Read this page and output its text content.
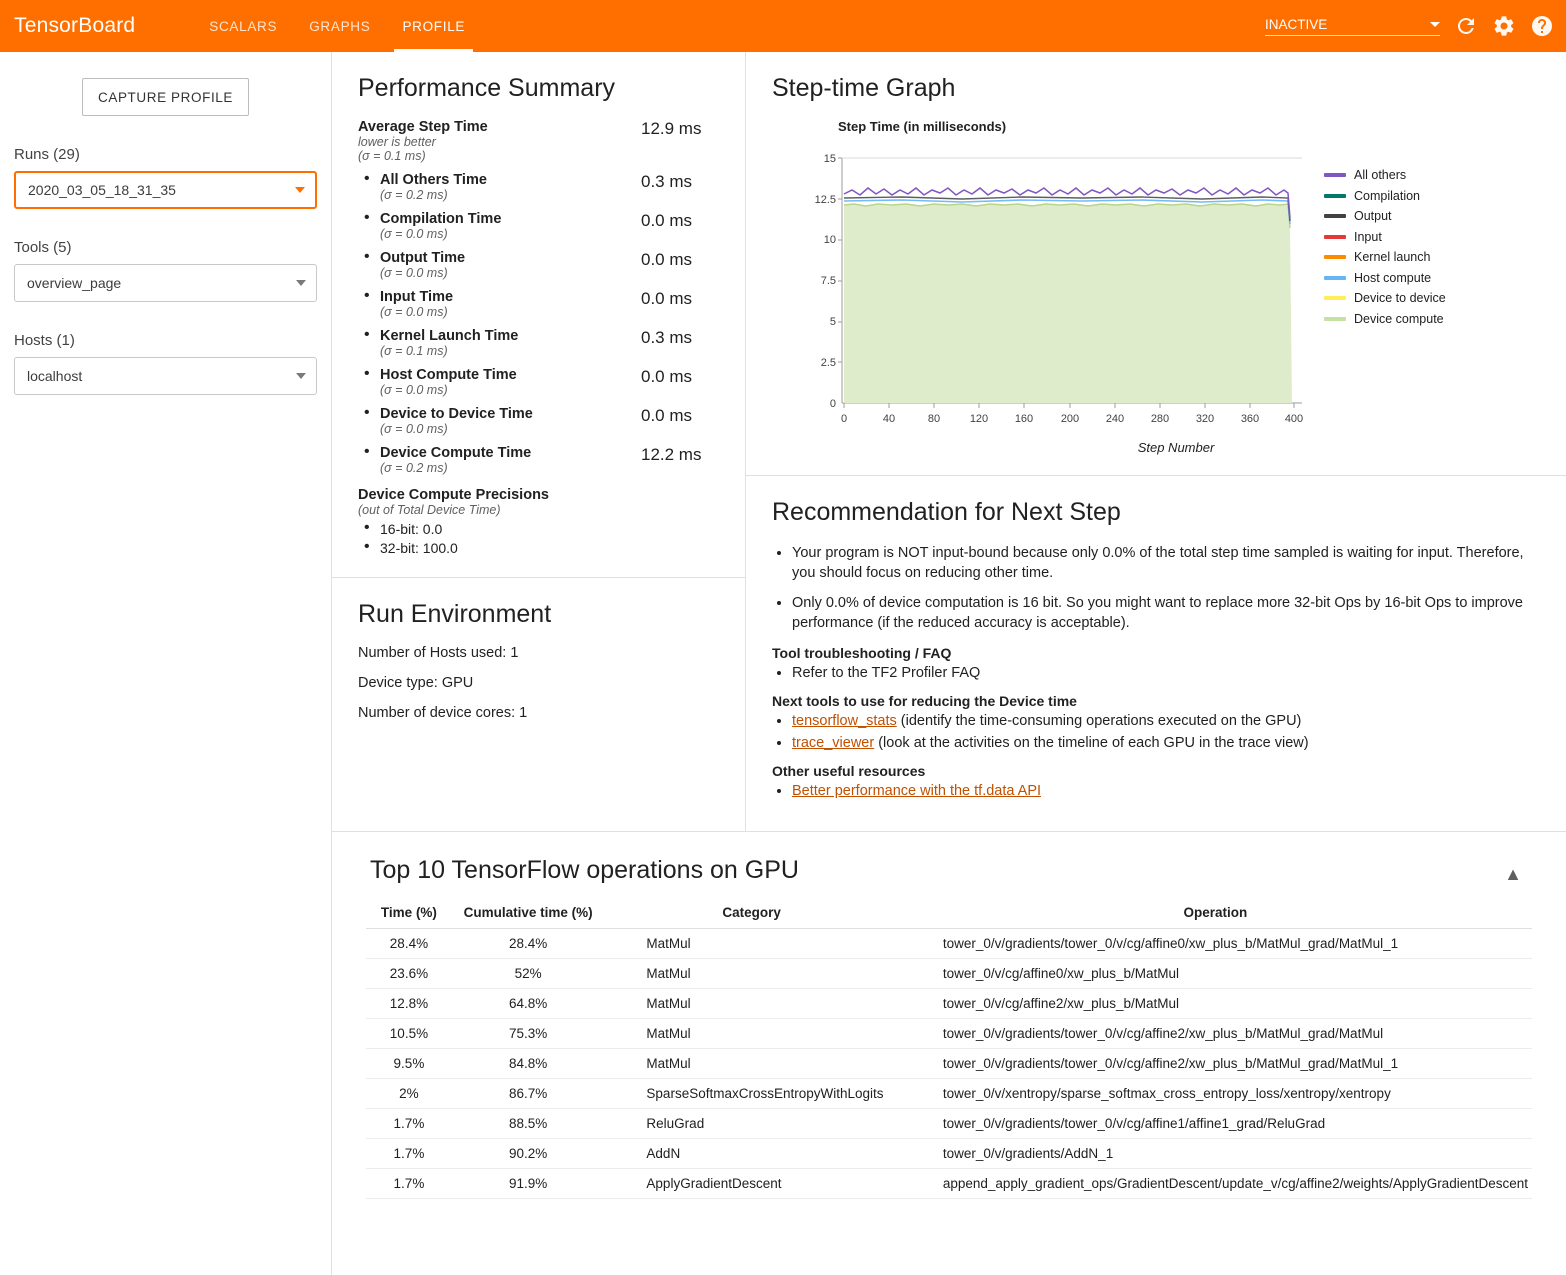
TensorBoard	SCALARS	GRAPHS	PROFILE	INACTIVE
CAPTURE PROFILE
Runs (29)
2020_03_05_18_31_35
Tools (5)
overview_page
Hosts (1)
localhost
Performance Summary
Average Step Time
lower is better
(σ = 0.1 ms)
12.9 ms
• All Others Time
(σ = 0.2 ms)
0.3 ms
• Compilation Time
(σ = 0.0 ms)
0.0 ms
• Output Time
(σ = 0.0 ms)
0.0 ms
• Input Time
(σ = 0.0 ms)
0.0 ms
• Kernel Launch Time
(σ = 0.1 ms)
0.3 ms
• Host Compute Time
(σ = 0.0 ms)
0.0 ms
• Device to Device Time
(σ = 0.0 ms)
0.0 ms
• Device Compute Time
(σ = 0.2 ms)
12.2 ms
Device Compute Precisions
(out of Total Device Time)
• 16-bit: 0.0
• 32-bit: 100.0
Run Environment

Number of Hosts used: 1

Device type: GPU

Number of device cores: 1

Step-time Graph
Step Time (in milliseconds)
15
12.5
10
7.5
5
2.5
0
0	40	80	120 160	200 240 280 320 360 400
All others
Compilation
Output
Input
Kernel launch
Host compute
Device to device
Device compute
Step Number
Recommendation for Next Step
• Your program is NOT input-bound because only 0.0% of the total step time sampled is waiting for input. Therefore, you should focus on reducing other time.
• Only 0.0% of device computation is 16 bit. So you might want to replace more 32-bit Ops by 16-bit Ops to improve performance (if the reduced accuracy is acceptable).
Tool troubleshooting / FAQ
• Refer to the TF2 Profiler FAQ
Next tools to use for reducing the Device time
• tensorflow_stats (identify the time-consuming operations executed on the GPU)
• trace_viewer (look at the activities on the timeline of each GPU in the trace view)
Other useful resources
• Better performance with the tf.data API
Top 10 TensorFlow operations on GPU	▲
Time (%)	Cumulative time (%)	Category	Operation
28.4%	28.4%	MatMul	tower_0/v/gradients/tower_0/v/cg/affine0/xw_plus_b/MatMul_grad/MatMul_1
23.6%	52%	MatMul	tower_0/v/cg/affine0/xw_plus_b/MatMul
12.8%	64.8%	MatMul	tower_0/v/cg/affine2/xw_plus_b/MatMul
10.5%	75.3%	MatMul	tower_0/v/gradients/tower_0/v/cg/affine2/xw_plus_b/MatMul_grad/MatMul
9.5%	84.8%	MatMul	tower_0/v/gradients/tower_0/v/cg/affine2/xw_plus_b/MatMul_grad/MatMul_1
2%	86.7%	SparseSoftmaxCrossEntropyWithLogits	tower_0/v/xentropy/sparse_softmax_cross_entropy_loss/xentropy/xentropy
1.7%	88.5%	ReluGrad	tower_0/v/gradients/tower_0/v/cg/affine1/affine1_grad/ReluGrad
1.7%	90.2%	AddN	tower_0/v/gradients/AddN_1
1.7%	91.9%	ApplyGradientDescent	append_apply_gradient_ops/GradientDescent/update_v/cg/affine2/weights/ApplyGradientDescent
